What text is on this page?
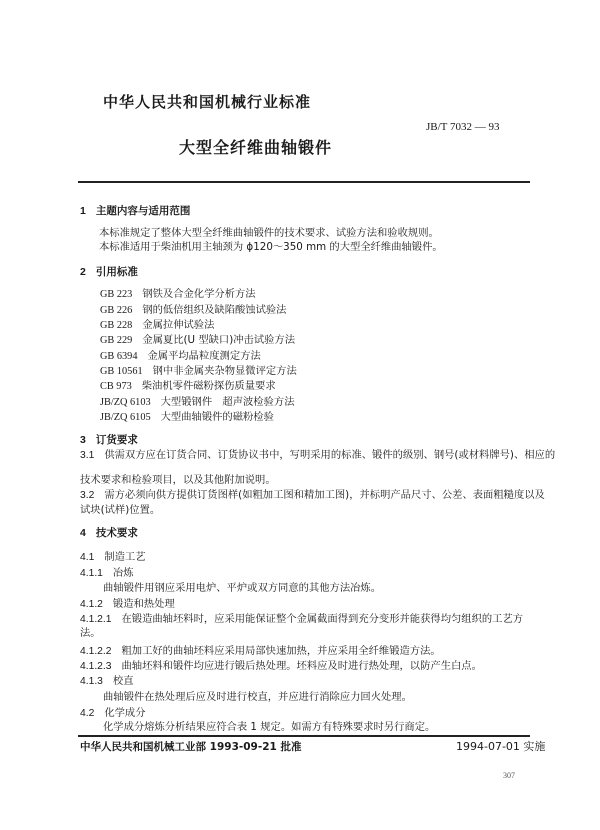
中华人民共和国机械行业标准
JB/T 7032 — 93
大型全纤维曲轴锻件
1 主题内容与适用范围
本标准规定了整体大型全纤维曲轴锻件的技术要求、试验方法和验收规则。
本标准适用于柴油机用主轴颈为 ϕ120～350 mm 的大型全纤维曲轴锻件。
2 引用标准
GB 223 钢铁及合金化学分析方法
GB 226 钢的低倍组织及缺陷酸蚀试验法
GB 228 金属拉伸试验法
GB 229 金属夏比(U 型缺口)冲击试验方法
GB 6394 金属平均晶粒度测定方法
GB 10561 钢中非金属夹杂物显微评定方法
CB 973 柴油机零件磁粉探伤质量要求
JB/ZQ 6103 大型锻钢件　超声波检验方法
JB/ZQ 6105 大型曲轴锻件的磁粉检验
3 订货要求
3.1 供需双方应在订货合同、订货协议书中，写明采用的标准、锻件的级别、钢号(或材料牌号)、相应的
技术要求和检验项目，以及其他附加说明。
3.2 需方必须向供方提供订货图样(如粗加工图和精加工图)，并标明产品尺寸、公差、表面粗糙度以及
试块(试样)位置。
4 技术要求
4.1 制造工艺
4.1.1 冶炼
曲轴锻件用钢应采用电炉、平炉或双方同意的其他方法冶炼。
4.1.2 锻造和热处理
4.1.2.1 在锻造曲轴坯料时，应采用能保证整个金属截面得到充分变形并能获得均匀组织的工艺方
法。
4.1.2.2 粗加工好的曲轴坯料应采用局部快速加热，并应采用全纤维锻造方法。
4.1.2.3 曲轴坯料和锻件均应进行锻后热处理。坯料应及时进行热处理，以防产生白点。
4.1.3 校直
曲轴锻件在热处理后应及时进行校直，并应进行消除应力回火处理。
4.2 化学成分
化学成分熔炼分析结果应符合表 1 规定。如需方有特殊要求时另行商定。
中华人民共和国机械工业部 1993-09-21 批准	1994-07-01 实施
307
